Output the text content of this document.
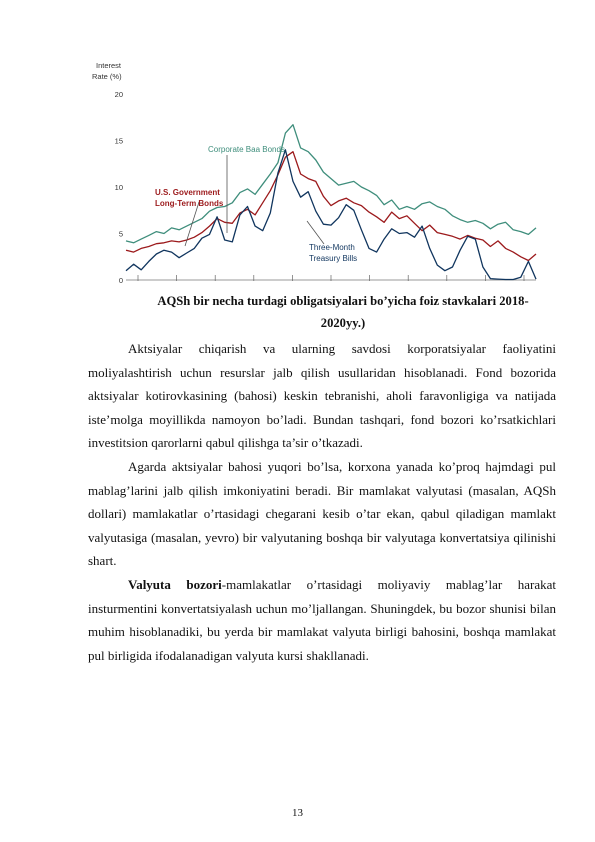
20
15
10
5
0
Interest
Rate (%)
Corporate Baa Bonds
U.S. Government
Long-Term Bonds
Three-Month
Treasury Bills
AQSh bir necha turdagi obligatsiyalari bo’yicha foiz stavkalari 2018-
2020yy.)

Aktsiyalar chiqarish va ularning savdosi korporatsiyalar faoliyatini moliyalashtirish uchun resurslar jalb qilish usullaridan hisoblanadi. Fond bozorida aktsiyalar kotirovkasining (bahosi) keskin tebranishi, aholi faravonligiga va natijada iste’molga moyillikda namoyon bo’ladi. Bundan tashqari, fond bozori ko’rsatkichlari investitsion qarorlarni qabul qilishga ta’sir o’tkazadi.

Agarda aktsiyalar bahosi yuqori bo’lsa, korxona yanada ko’proq hajmdagi pul mablag’larini jalb qilish imkoniyatini beradi. Bir mamlakat valyutasi (masalan, AQSh dollari) mamlakatlar o’rtasidagi chegarani kesib o’tar ekan, qabul qiladigan mamlakt valyutasiga (masalan, yevro) bir valyutaning boshqa bir valyutaga konvertatsiya qilinishi shart.

Valyuta bozori-mamlakatlar o’rtasidagi moliyaviy mablag’lar harakat insturmentini konvertatsiyalash uchun mo’ljallangan. Shuningdek, bu bozor shunisi bilan muhim hisoblanadiki, bu yerda bir mamlakat valyuta birligi bahosini, boshqa mamlakat pul birligida ifodalanadigan valyuta kursi shakllanadi.

13
